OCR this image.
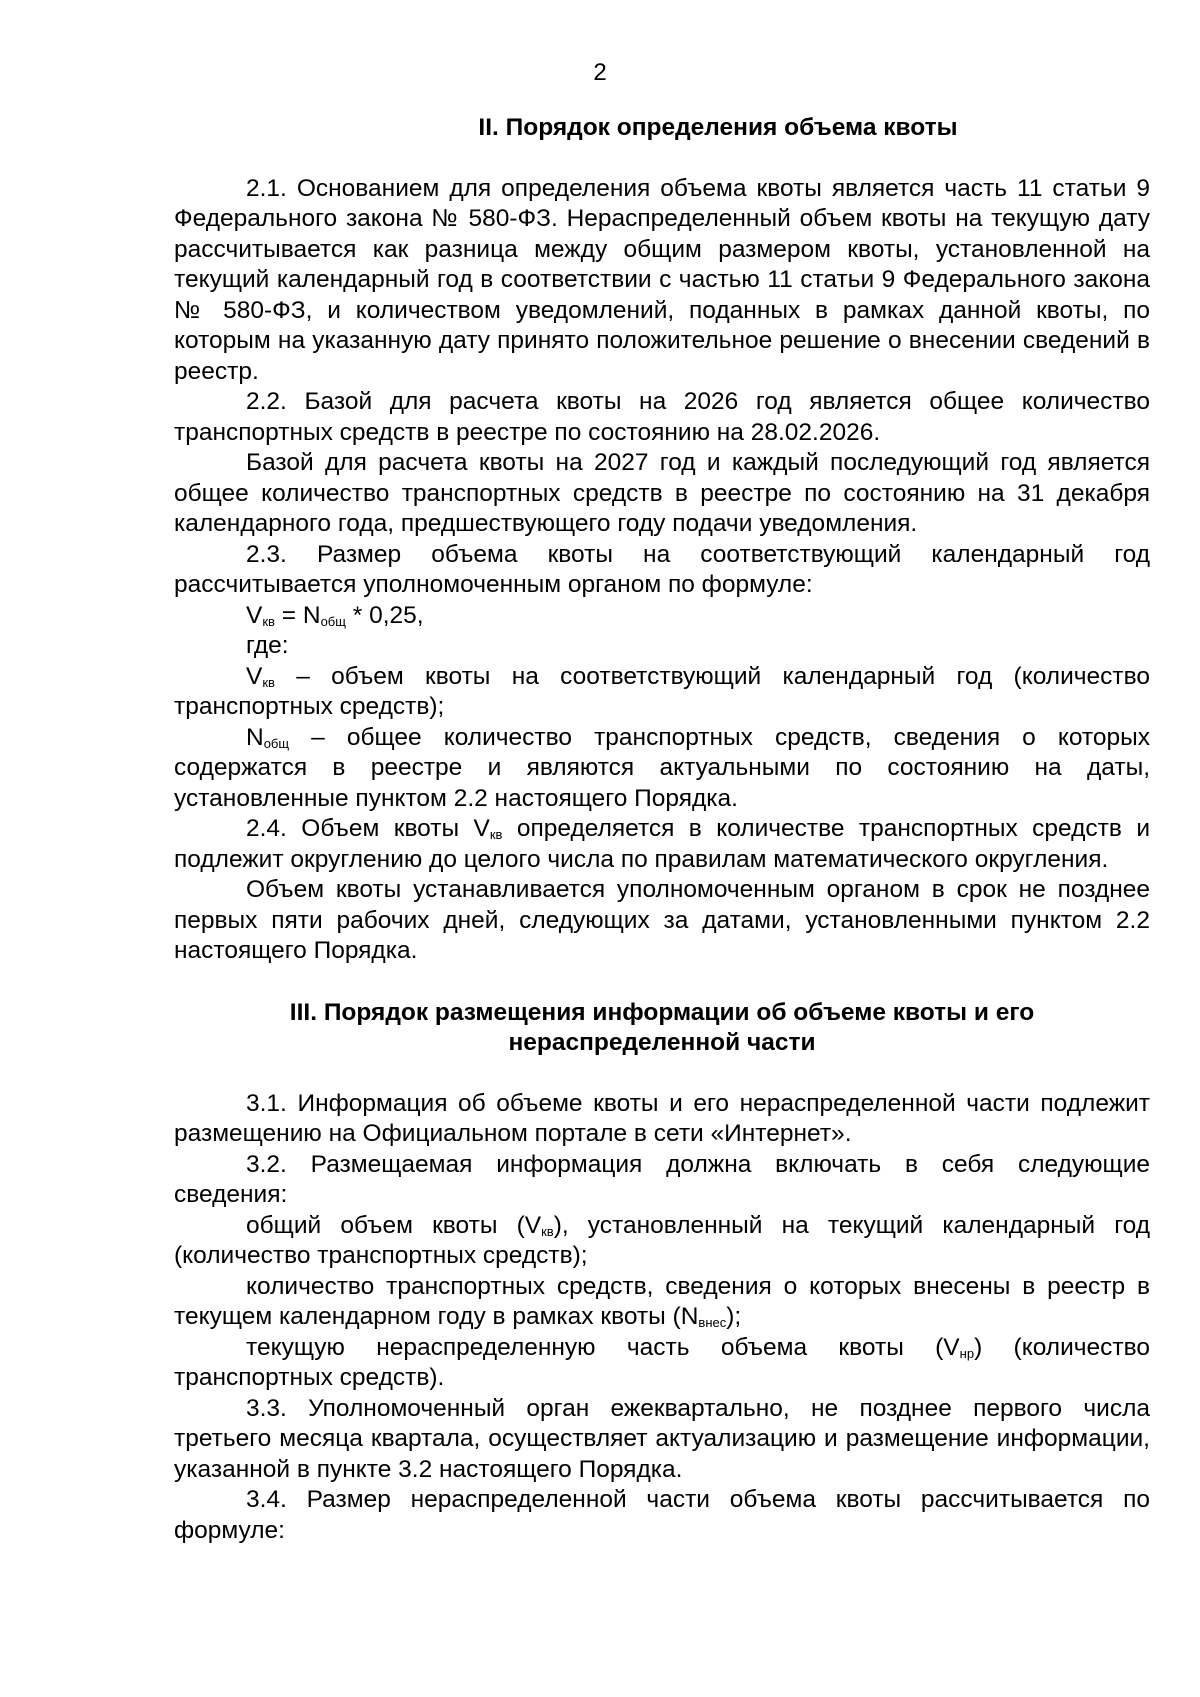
2
II. Порядок определения объема квоты

2.1. Основанием для определения объема квоты является часть 11 статьи 9 Федерального закона № 580-ФЗ. Нераспределенный объем квоты на текущую дату рассчитывается как разница между общим размером квоты, установленной на текущий календарный год в соответствии с частью 11 статьи 9 Федерального закона № 580-ФЗ, и количеством уведомлений, поданных в рамках данной квоты, по которым на указанную дату принято положительное решение о внесении сведений в реестр.

2.2. Базой для расчета квоты на 2026 год является общее количество транспортных средств в реестре по состоянию на 28.02.2026.

Базой для расчета квоты на 2027 год и каждый последующий год является общее количество транспортных средств в реестре по состоянию на 31 декабря календарного года, предшествующего году подачи уведомления.

2.3. Размер объема квоты на соответствующий календарный год рассчитывается уполномоченным органом по формуле:

$V_{кв} = N_{общ} * 0,25$,

где:

$V_{кв}$ – объем квоты на соответствующий календарный год (количество транспортных средств);

$N_{общ}$ – общее количество транспортных средств, сведения о которых содержатся в реестре и являются актуальными по состоянию на даты, установленные пунктом 2.2 настоящего Порядка.

2.4. Объем квоты $V_{кв}$ определяется в количестве транспортных средств и подлежит округлению до целого числа по правилам математического округления.

Объем квоты устанавливается уполномоченным органом в срок не позднее первых пяти рабочих дней, следующих за датами, установленными пунктом 2.2 настоящего Порядка.

III. Порядок размещения информации об объеме квоты и его
нераспределенной части

3.1. Информация об объеме квоты и его нераспределенной части подлежит размещению на Официальном портале в сети «Интернет».

3.2. Размещаемая информация должна включать в себя следующие сведения:

общий объем квоты $(V_{кв})$, установленный на текущий календарный год (количество транспортных средств);

количество транспортных средств, сведения о которых внесены в реестр в текущем календарном году в рамках квоты $(N_{внес})$;

текущую нераспределенную часть объема квоты $(V_{нр})$ (количество транспортных средств).

3.3. Уполномоченный орган ежеквартально, не позднее первого числа третьего месяца квартала, осуществляет актуализацию и размещение информации, указанной в пункте 3.2 настоящего Порядка.

3.4. Размер нераспределенной части объема квоты рассчитывается по формуле:
